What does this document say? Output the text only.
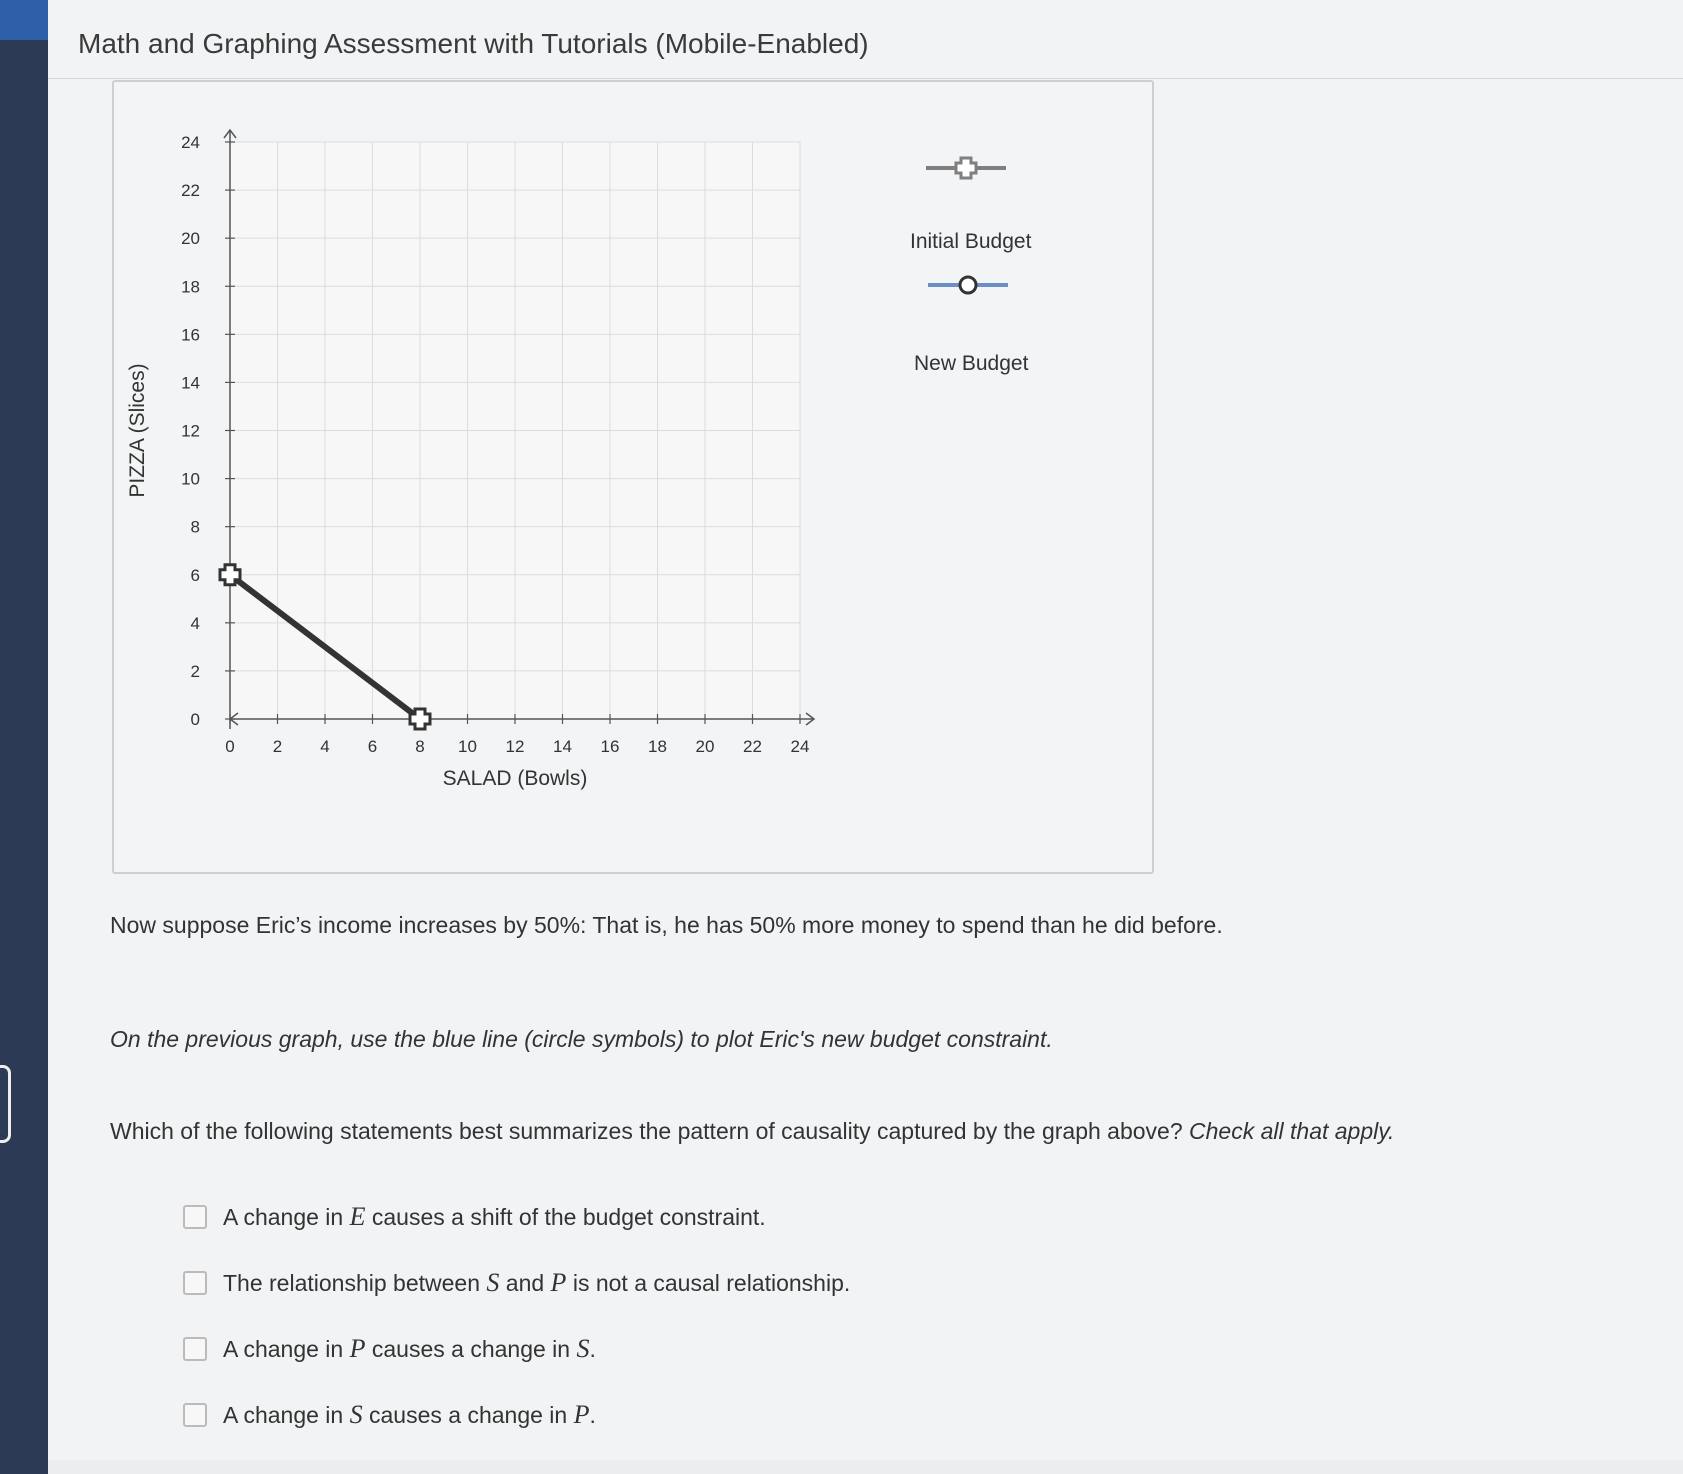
Math and Graphing Assessment with Tutorials (Mobile-Enabled)
0 2 4 6 8 10 12 14 16 18 20 22 24
0
2
4
6
8
10
12
14
16
18
20
22
24
SALAD (Bowls)
PIZZA (Slices)
Initial Budget
New Budget
Now suppose Eric’s income increases by 50%: That is, he has 50% more money to spend than he did before.
On the previous graph, use the blue line (circle symbols) to plot Eric's new budget constraint.
Which of the following statements best summarizes the pattern of causality captured by the graph above? Check all that apply.
A change in
E
causes a shift of the budget constraint.
The relationship between
S
and
P
is not a causal relationship.
A change in
P
causes a change in
S .
A change in
S
causes a change in
P .
